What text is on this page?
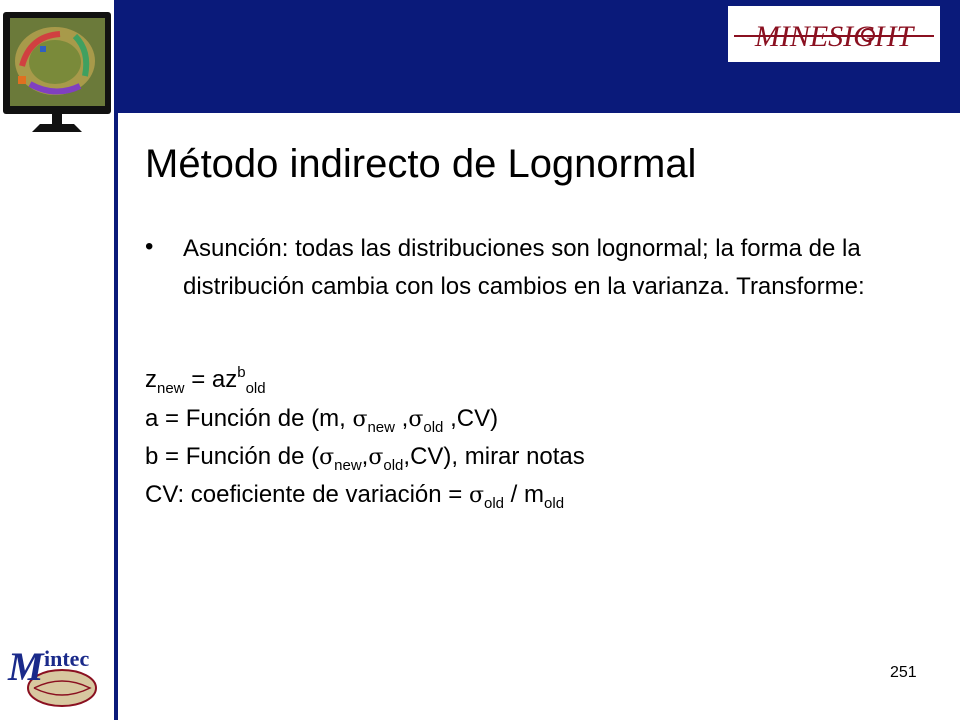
MINESIGHT
M intec
Método indirecto de Lognormal
• Asunción: todas las distribuciones son lognormal; la forma de la distribución cambia con los cambios en la varianza. Transforme:
$z_{new} = az^b_{old}$
a = Función de (m, $\sigma_{new}$ $,\sigma_{old}$ ,CV)
b = Función de $(\sigma_{new},\sigma_{old},CV)$, mirar notas
CV: coeficiente de variación = $\sigma_{old} / m_{old}$
251
